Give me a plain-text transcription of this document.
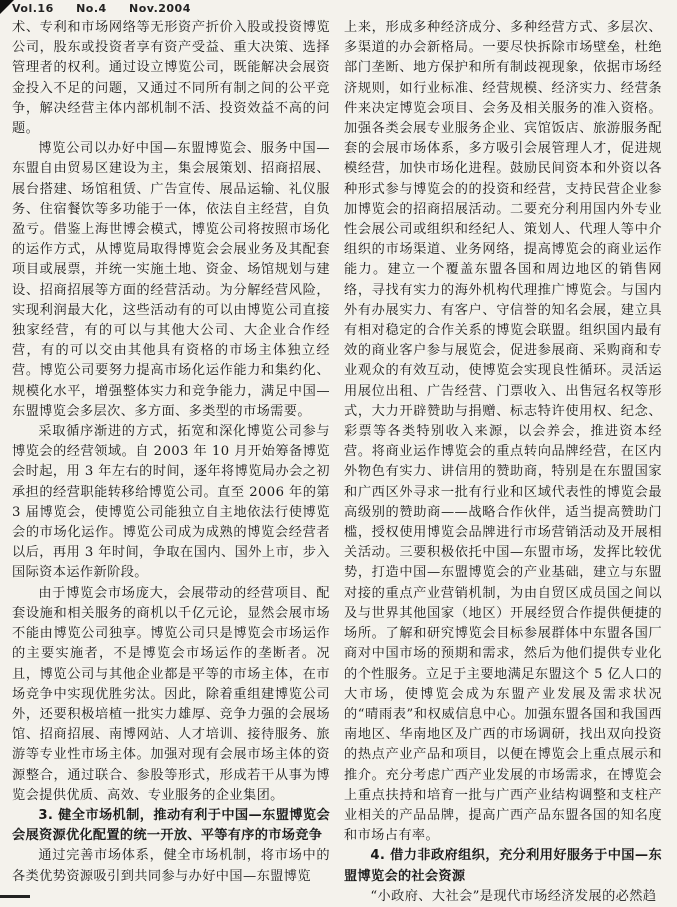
Vol.16 No.4 Nov.2004

术、专利和市场网络等无形资产折价入股或投资博览公司，股东或投资者享有资产受益、重大决策、选择管理者的权利。通过设立博览公司，既能解决会展资金投入不足的问题，又通过不同所有制之间的公平竞争，解决经营主体内部机制不活、投资效益不高的问题。

博览公司以办好中国—东盟博览会、服务中国—东盟自由贸易区建设为主，集会展策划、招商招展、展台搭建、场馆租赁、广告宣传、展品运输、礼仪服务、住宿餐饮等多功能于一体，依法自主经营，自负盈亏。借鉴上海世博会模式，博览公司将按照市场化的运作方式，从博览局取得博览会会展业务及其配套项目或展票，并统一实施土地、资金、场馆规划与建设、招商招展等方面的经营活动。为分解经营风险，实现利润最大化，这些活动有的可以由博览公司直接独家经营，有的可以与其他大公司、大企业合作经营，有的可以交由其他具有资格的市场主体独立经营。博览公司要努力提高市场化运作能力和集约化、规模化水平，增强整体实力和竞争能力，满足中国—东盟博览会多层次、多方面、多类型的市场需要。

采取循序渐进的方式，拓宽和深化博览公司参与博览会的经营领域。自 2003 年 10 月开始筹备博览会时起，用 3 年左右的时间，逐年将博览局办会之初承担的经营职能转移给博览公司。直至 2006 年的第 3 届博览会，使博览公司能独立自主地依法行使博览会的市场化运作。博览公司成为成熟的博览会经营者以后，再用 3 年时间，争取在国内、国外上市，步入国际资本运作新阶段。

由于博览会市场庞大，会展带动的经营项目、配套设施和相关服务的商机以千亿元论，显然会展市场不能由博览公司独享。博览公司只是博览会市场运作的主要实施者，不是博览会市场运作的垄断者。况且，博览公司与其他企业都是平等的市场主体，在市场竞争中实现优胜劣汰。因此，除着重组建博览公司外，还要积极培植一批实力雄厚、竞争力强的会展场馆、招商招展、南博网站、人才培训、接待服务、旅游等专业性市场主体。加强对现有会展市场主体的资源整合，通过联合、参股等形式，形成若干从事为博览会提供优质、高效、专业服务的企业集团。

3. 健全市场机制，推动有利于中国—东盟博览会会展资源优化配置的统一开放、平等有序的市场竞争

通过完善市场体系，健全市场机制，将市场中的各类优势资源吸引到共同参与办好中国—东盟博览

上来，形成多种经济成分、多种经营方式、多层次、多渠道的办会新格局。一要尽快拆除市场壁垒，杜绝部门垄断、地方保护和所有制歧视现象，依据市场经济规则，如行业标准、经营规模、经济实力、经营条件来决定博览会项目、会务及相关服务的准入资格。加强各类会展专业服务企业、宾馆饭店、旅游服务配套的会展市场体系，多方吸引会展管理人才，促进规模经营，加快市场化进程。鼓励民间资本和外资以各种形式参与博览会的的投资和经营，支持民营企业参加博览会的招商招展活动。二要充分利用国内外专业性会展公司或组织和经纪人、策划人、代理人等中介组织的市场渠道、业务网络，提高博览会的商业运作能力。建立一个覆盖东盟各国和周边地区的销售网络，寻找有实力的海外机构代理推广博览会。与国内外有办展实力、有客户、守信誉的知名会展，建立具有相对稳定的合作关系的博览会联盟。组织国内最有效的商业客户参与展览会，促进参展商、采购商和专业观众的有效互动，使博览会实现良性循环。灵活运用展位出租、广告经营、门票收入、出售冠名权等形式，大力开辟赞助与捐赠、标志特许使用权、纪念、彩票等各类特别收入来源，以会养会，推进资本经营。将商业运作博览会的重点转向品牌经营，在区内外物色有实力、讲信用的赞助商，特别是在东盟国家和广西区外寻求一批有行业和区域代表性的博览会最高级别的赞助商——战略合作伙伴，适当提高赞助门槛，授权使用博览会品牌进行市场营销活动及开展相关活动。三要积极依托中国—东盟市场，发挥比较优势，打造中国—东盟博览会的产业基础，建立与东盟对接的重点产业营销机制，为由自贸区成员国之间以及与世界其他国家（地区）开展经贸合作提供便捷的场所。了解和研究博览会目标参展群体中东盟各国厂商对中国市场的预期和需求，然后为他们提供专业化的个性服务。立足于主要地满足东盟这个 5 亿人口的大市场，使博览会成为东盟产业发展及需求状况的“晴雨表”和权威信息中心。加强东盟各国和我国西南地区、华南地区及广西的市场调研，找出双向投资的热点产业产品和项目，以便在博览会上重点展示和推介。充分考虑广西产业发展的市场需求，在博览会上重点扶持和培育一批与广西产业结构调整和支柱产业相关的产品品牌，提高广西产品东盟各国的知名度和市场占有率。

4. 借力非政府组织，充分利用好服务于中国—东盟博览会的社会资源

“小政府、大社会”是现代市场经济发展的必然趋
